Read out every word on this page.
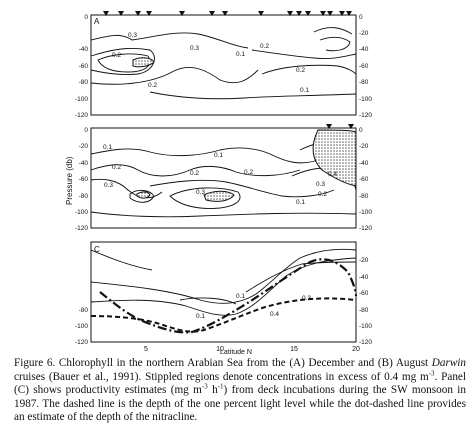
A
0.2
0.3
0.3	0.2
0.1
0.2
0.2
0.1
0
-40
-60
-80
-100
-120
0
-20
-40
-60
-80
-100
-120
0.1
0.2
0.3
0.2
0.3
0.1
0.2	0.4
0.3
0.2
0.1
Pressure (db)
0
-20
-40
-60
-80
-100
-120
0
-20
-40
-60
-80
-100
-120
C
0.1
0.4
0.3
0.1
-80
-100
-120
-20
-40
-60
-80
-100
-120
5	10	15	20
Latitude N

Figure 6. Chlorophyll in the northern Arabian Sea from the (A) December and (B) August Darwin cruises (Bauer et al., 1991). Stippled regions denote concentrations in excess of 0.4 mg $m^{-3}$. Panel (C) shows productivity estimates (mg $m^{-3}$ $h^{-1}$) from deck incubations during the SW monsoon in 1987. The dashed line is the depth of the one percent light level while the dot-dashed line provides an estimate of the depth of the nitracline.
